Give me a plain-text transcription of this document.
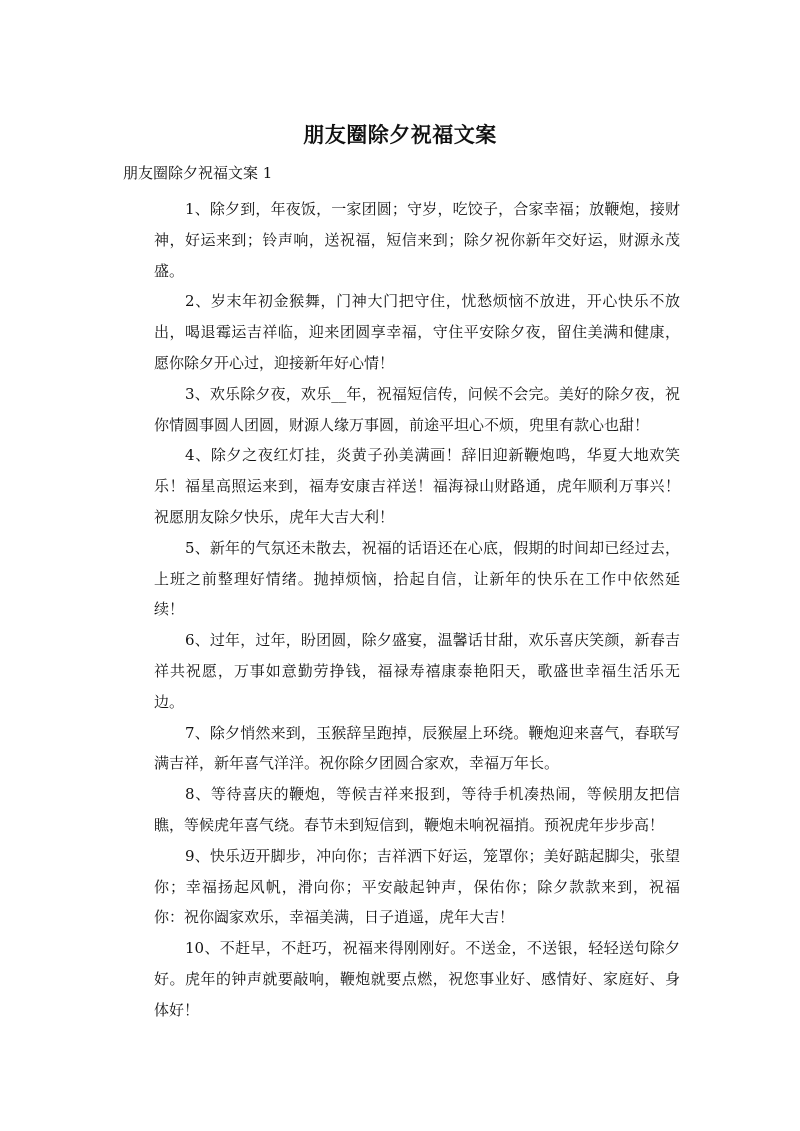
朋友圈除夕祝福文案
朋友圈除夕祝福文案 1
1、除夕到，年夜饭，一家团圆；守岁，吃饺子，合家幸福；放鞭炮，接财
神，好运来到；铃声响，送祝福，短信来到；除夕祝你新年交好运，财源永茂
盛。
2、岁末年初金猴舞，门神大门把守住，忧愁烦恼不放进，开心快乐不放
出，喝退霉运吉祥临，迎来团圆享幸福，守住平安除夕夜，留住美满和健康，
愿你除夕开心过，迎接新年好心情！
3、欢乐除夕夜，欢乐__年，祝福短信传，问候不会完。美好的除夕夜，祝
你情圆事圆人团圆，财源人缘万事圆，前途平坦心不烦，兜里有款心也甜！
4、除夕之夜红灯挂，炎黄子孙美满画！辞旧迎新鞭炮鸣，华夏大地欢笑
乐！福星高照运来到，福寿安康吉祥送！福海禄山财路通，虎年顺利万事兴！
祝愿朋友除夕快乐，虎年大吉大利！
5、新年的气氛还未散去，祝福的话语还在心底，假期的时间却已经过去，
上班之前整理好情绪。抛掉烦恼，拾起自信，让新年的快乐在工作中依然延
续！
6、过年，过年，盼团圆，除夕盛宴，温馨话甘甜，欢乐喜庆笑颜，新春吉
祥共祝愿，万事如意勤劳挣钱，福禄寿禧康泰艳阳天，歌盛世幸福生活乐无
边。
7、除夕悄然来到，玉猴辞呈跑掉，辰猴屋上环绕。鞭炮迎来喜气，春联写
满吉祥，新年喜气洋洋。祝你除夕团圆合家欢，幸福万年长。
8、等待喜庆的鞭炮，等候吉祥来报到，等待手机凑热闹，等候朋友把信
瞧，等候虎年喜气绕。春节未到短信到，鞭炮未响祝福捎。预祝虎年步步高！
9、快乐迈开脚步，冲向你；吉祥洒下好运，笼罩你；美好踮起脚尖，张望
你；幸福扬起风帆，滑向你；平安敲起钟声，保佑你；除夕款款来到，祝福
你：祝你阖家欢乐，幸福美满，日子逍遥，虎年大吉！
10、不赶早，不赶巧，祝福来得刚刚好。不送金，不送银，轻轻送句除夕
好。虎年的钟声就要敲响，鞭炮就要点燃，祝您事业好、感情好、家庭好、身
体好！
